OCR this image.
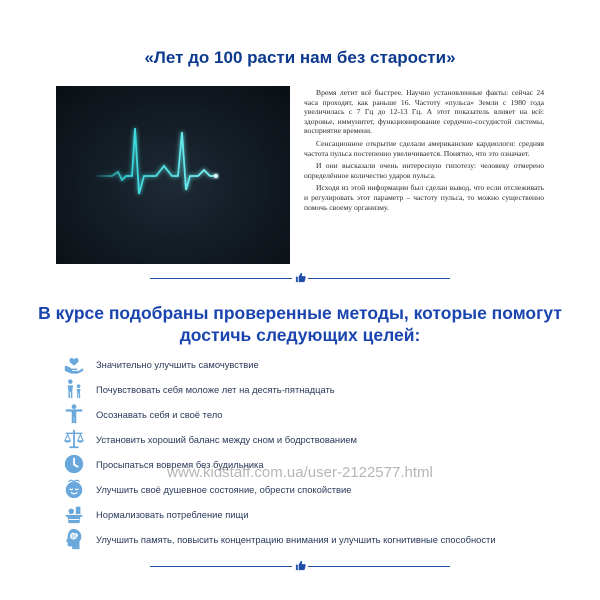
«Лет до 100 расти нам без старости»

Время летит всё быстрее. Научно установленные факты: сейчас 24 часа проходят, как раньше 16. Частоту «пульса» Земли с 1980 года увеличилась с 7 Гц до 12-13 Гц. А этот показатель влияет на всё: здоровье, иммунитет, функционирование сердечно-сосудистой системы, восприятие времени.

Сенсационное открытие сделали американские кардиологи: средняя частота пульса постепенно увеличивается. Понятно, что это означает.

И они высказали очень интересную гипотезу: человеку отмерено определённое количество ударов пульса.

Исходя из этой информации был сделан вывод, что если отслеживать и регулировать этот параметр – частоту пульса, то можно существенно помочь своему организму.

В курсе подобраны проверенные методы, которые помогут достичь следующих целей:
Значительно улучшить самочувствие
Почувствовать себя моложе лет на десять-пятнадцать
Осознавать себя и своё тело
Установить хороший баланс между сном и бодрствованием
Просыпаться вовремя без будильника
Улучшить своё душевное состояние, обрести спокойствие
Нормализовать потребление пищи
Улучшить память, повысить концентрацию внимания и улучшить когнитивные способности
www.kidstaff.com.ua/user-2122577.html
